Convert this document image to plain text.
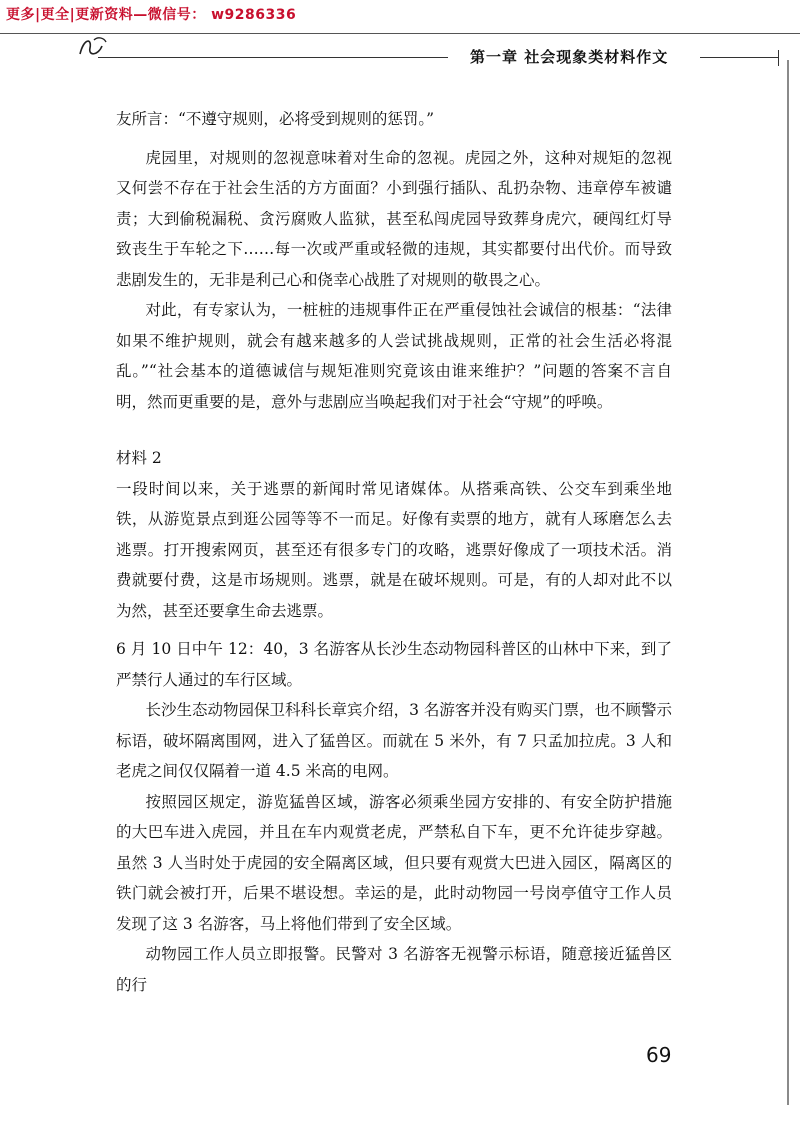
更多|更全|更新资料—微信号： w9286336
第一章 社会现象类材料作文

友所言：“不遵守规则，必将受到规则的惩罚。”

虎园里，对规则的忽视意味着对生命的忽视。虎园之外，这种对规矩的忽视又何尝不存在于社会生活的方方面面？小到强行插队、乱扔杂物、违章停车被谴责；大到偷税漏税、贪污腐败人监狱，甚至私闯虎园导致葬身虎穴，硬闯红灯导致丧生于车轮之下……每一次或严重或轻微的违规，其实都要付出代价。而导致悲剧发生的，无非是利己心和侥幸心战胜了对规则的敬畏之心。

对此，有专家认为，一桩桩的违规事件正在严重侵蚀社会诚信的根基：“法律如果不维护规则，就会有越来越多的人尝试挑战规则，正常的社会生活必将混乱。”“社会基本的道德诚信与规矩准则究竟该由谁来维护？”问题的答案不言自明，然而更重要的是，意外与悲剧应当唤起我们对于社会“守规”的呼唤。

材料 2

一段时间以来，关于逃票的新闻时常见诸媒体。从搭乘高铁、公交车到乘坐地铁，从游览景点到逛公园等等不一而足。好像有卖票的地方，就有人琢磨怎么去逃票。打开搜索网页，甚至还有很多专门的攻略，逃票好像成了一项技术活。消费就要付费，这是市场规则。逃票，就是在破坏规则。可是，有的人却对此不以为然，甚至还要拿生命去逃票。

6 月 10 日中午 12：40，3 名游客从长沙生态动物园科普区的山林中下来，到了严禁行人通过的车行区域。

长沙生态动物园保卫科科长章宾介绍，3 名游客并没有购买门票，也不顾警示标语，破坏隔离围网，进入了猛兽区。而就在 5 米外，有 7 只孟加拉虎。3 人和老虎之间仅仅隔着一道 4.5 米高的电网。

按照园区规定，游览猛兽区域，游客必须乘坐园方安排的、有安全防护措施的大巴车进入虎园，并且在车内观赏老虎，严禁私自下车，更不允许徒步穿越。虽然 3 人当时处于虎园的安全隔离区域，但只要有观赏大巴进入园区，隔离区的铁门就会被打开，后果不堪设想。幸运的是，此时动物园一号岗亭值守工作人员发现了这 3 名游客，马上将他们带到了安全区域。

动物园工作人员立即报警。民警对 3 名游客无视警示标语，随意接近猛兽区的行

69
